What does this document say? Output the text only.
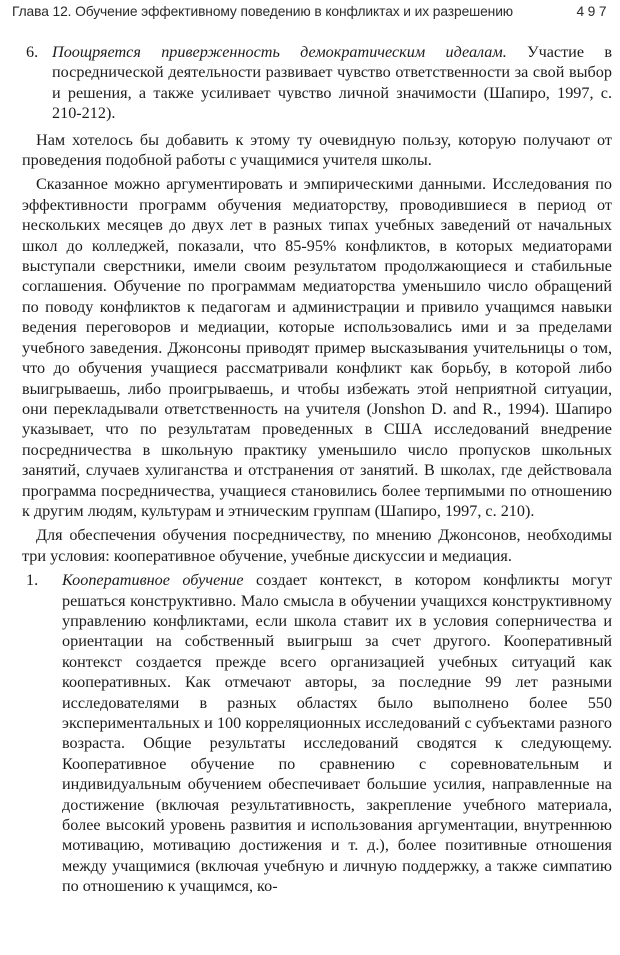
Глава 12. Обучение эффективному поведению в конфликтах и их разрешению	497
6. Поощряется приверженность демократическим идеалам. Участие в посреднической деятельности развивает чувство ответственности за свой выбор и решения, а также усиливает чувство личной значимости (Шапиро, 1997, с. 210-212).

Нам хотелось бы добавить к этому ту очевидную пользу, которую получают от проведения подобной работы с учащимися учителя школы.

Сказанное можно аргументировать и эмпирическими данными. Исследования по эффективности программ обучения медиаторству, проводившиеся в период от нескольких месяцев до двух лет в разных типах учебных заведений от начальных школ до колледжей, показали, что 85-95% конфликтов, в которых медиаторами выступали сверстники, имели своим результатом продолжающиеся и стабильные соглашения. Обучение по программам медиаторства уменьшило число обращений по поводу конфликтов к педагогам и администрации и привило учащимся навыки ведения переговоров и медиации, которые использовались ими и за пределами учебного заведения. Джонсоны приводят пример высказывания учительницы о том, что до обучения учащиеся рассматривали конфликт как борьбу, в которой либо выигрываешь, либо проигрываешь, и чтобы избежать этой неприятной ситуации, они перекладывали ответственность на учителя (Jonshon D. and R., 1994). Шапиро указывает, что по результатам проведенных в США исследований внедрение посредничества в школьную практику уменьшило число пропусков школьных занятий, случаев хулиганства и отстранения от занятий. В школах, где действовала программа посредничества, учащиеся становились более терпимыми по отношению к другим людям, культурам и этническим группам (Шапиро, 1997, с. 210).

Для обеспечения обучения посредничеству, по мнению Джонсонов, необходимы три условия: кооперативное обучение, учебные дискуссии и медиация.

1.	Кооперативное обучение создает контекст, в котором конфликты могут решаться конструктивно. Мало смысла в обучении учащихся конструктивному управлению конфликтами, если школа ставит их в условия соперничества и ориентации на собственный выигрыш за счет другого. Кооперативный контекст создается прежде всего организацией учебных ситуаций как кооперативных. Как отмечают авторы, за последние 99 лет разными исследователями в разных областях было выполнено более 550 экспериментальных и 100 корреляционных исследований с субъектами разного возраста. Общие результаты исследований сводятся к следующему. Кооперативное обучение по сравнению с соревновательным и индивидуальным обучением обеспечивает большие усилия, направленные на достижение (включая результативность, закрепление учебного материала, более высокий уровень развития и использования аргументации, внутреннюю мотивацию, мотивацию достижения и т. д.), более позитивные отношения между учащимися (включая учебную и личную поддержку, а также симпатию по отношению к учащимся, ко-
